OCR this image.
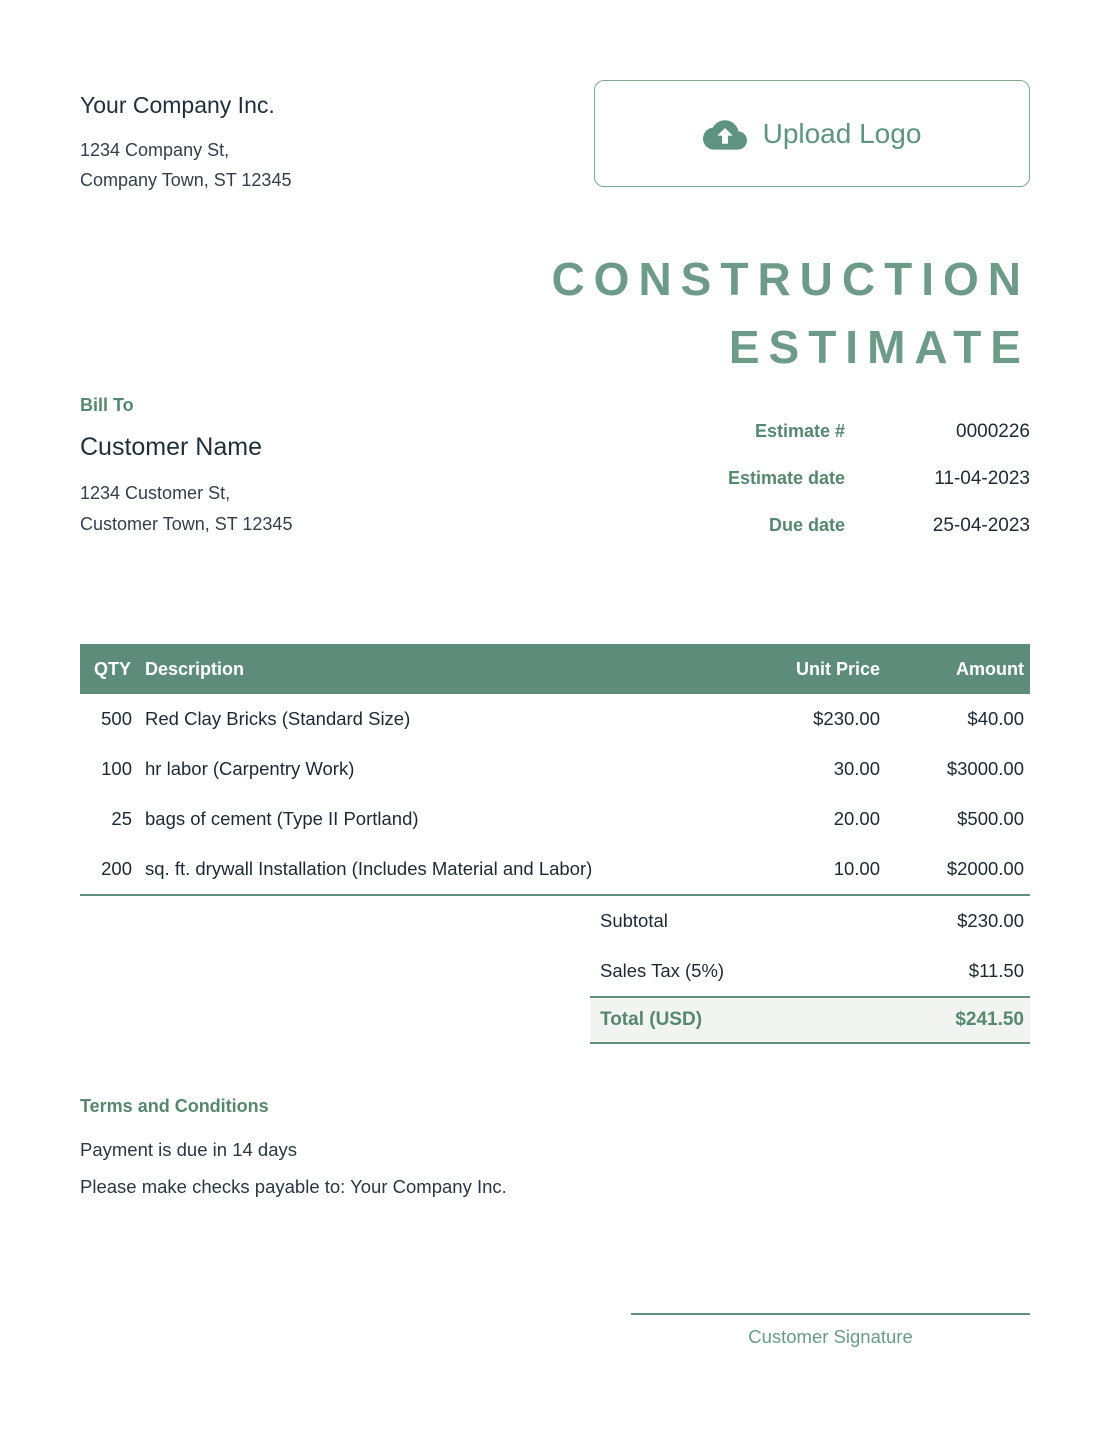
Your Company Inc.
1234 Company St,
Company Town, ST 12345
Upload Logo
CONSTRUCTION
ESTIMATE
Bill To
Customer Name
1234 Customer St,
Customer Town, ST 12345
Estimate #	0000226
Estimate date	11-04-2023
Due date	25-04-2023
QTY Description	Unit Price	Amount
500 Red Clay Bricks (Standard Size)	$230.00	$40.00
100 hr labor (Carpentry Work)	30.00	$3000.00
25 bags of cement (Type II Portland)	20.00	$500.00
200 sq. ft. drywall Installation (Includes Material and Labor)	10.00	$2000.00
Subtotal	$230.00
Sales Tax (5%)	$11.50
Total (USD)	$241.50
Terms and Conditions
Payment is due in 14 days
Please make checks payable to: Your Company Inc.
Customer Signature
